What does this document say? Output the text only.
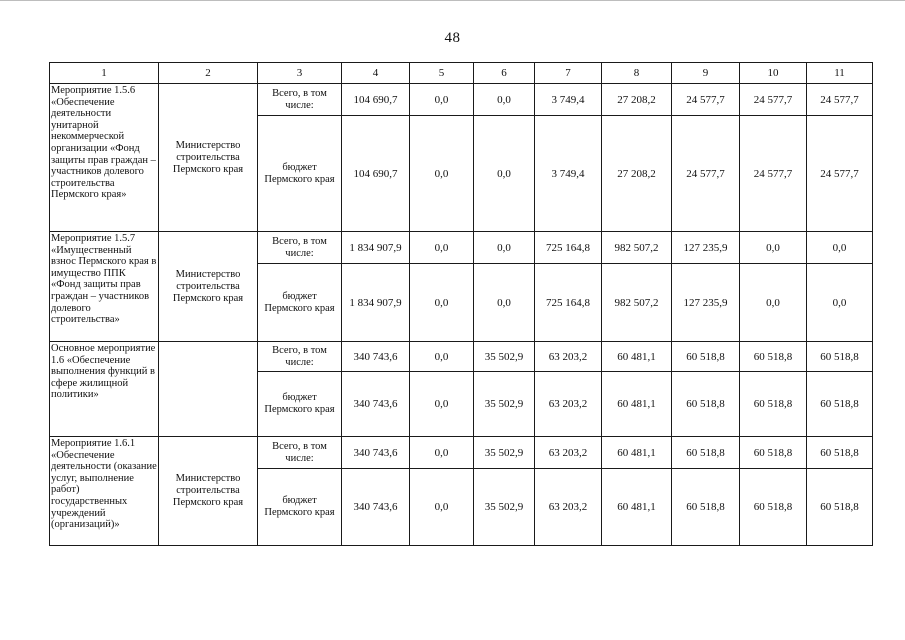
48
1	2	3	4	5	6	7	8	9	10	11
Мероприятие 1.5.6 «Обеспечение деятельности унитарной некоммерческой организации «Фонд защиты прав граждан – участников долевого строительства Пермского края»	Министерство строительства Пермского края	Всего, в том числе:	104 690,7	0,0	0,0	3 749,4	27 208,2	24 577,7	24 577,7	24 577,7
		бюджет Пермского края	104 690,7	0,0	0,0	3 749,4	27 208,2	24 577,7	24 577,7	24 577,7
Мероприятие 1.5.7 «Имущественный взнос Пермского края в имущество ППК «Фонд защиты прав граждан – участников долевого строительства»	Министерство строительства Пермского края	Всего, в том числе:	1 834 907,9	0,0	0,0	725 164,8	982 507,2	127 235,9	0,0	0,0
		бюджет Пермского края	1 834 907,9	0,0	0,0	725 164,8	982 507,2	127 235,9	0,0	0,0
Основное мероприятие 1.6 «Обеспечение выполнения функций в сфере жилищной политики»		Всего, в том числе:	340 743,6	0,0	35 502,9	63 203,2	60 481,1	60 518,8	60 518,8	60 518,8
		бюджет Пермского края	340 743,6	0,0	35 502,9	63 203,2	60 481,1	60 518,8	60 518,8	60 518,8
Мероприятие 1.6.1 «Обеспечение деятельности (оказание услуг, выполнение работ) государственных учреждений (организаций)»	Министерство строительства Пермского края	Всего, в том числе:	340 743,6	0,0	35 502,9	63 203,2	60 481,1	60 518,8	60 518,8	60 518,8
		бюджет Пермского края	340 743,6	0,0	35 502,9	63 203,2	60 481,1	60 518,8	60 518,8	60 518,8
